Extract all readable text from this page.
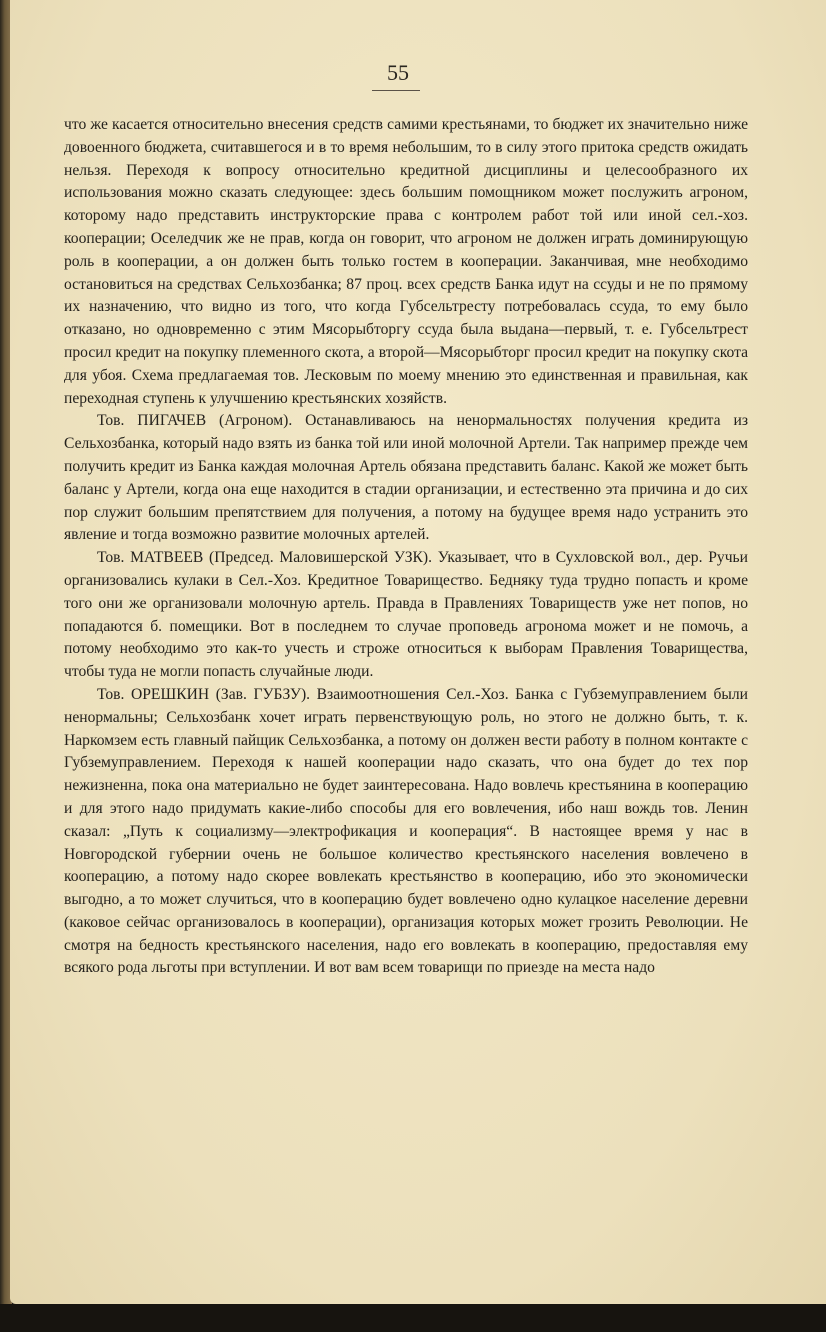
55

что же касается относительно внесения средств самими крестьянами, то бюджет их значительно ниже довоенного бюджета, считавшегося и в то время небольшим, то в силу этого притока средств ожидать нельзя. Переходя к вопросу относительно кредитной дисциплины и целесообразного их использования можно сказать следующее: здесь большим помощником может послужить агроном, которому надо представить инструкторские права с контролем работ той или иной сел.-хоз. кооперации; Оселедчик же не прав, когда он говорит, что агроном не должен играть доминирующую роль в кооперации, а он должен быть только гостем в кооперации. Заканчивая, мне необходимо остановиться на средствах Сельхозбанка; 87 проц. всех средств Банка идут на ссуды и не по прямому их назначению, что видно из того, что когда Губсельтресту потребовалась ссуда, то ему было отказано, но одновременно с этим Мясорыбторгу ссуда была выдана—первый, т. е. Губсельтрест просил кредит на покупку племенного скота, а второй—Мясорыбторг просил кредит на покупку скота для убоя. Схема предлагаемая тов. Лесковым по моему мнению это единственная и правильная, как переходная ступень к улучшению крестьянских хозяйств.

Тов. ПИГАЧЕВ (Агроном). Останавливаюсь на ненормальностях получения кредита из Сельхозбанка, который надо взять из банка той или иной молочной Артели. Так например прежде чем получить кредит из Банка каждая молочная Артель обязана представить баланс. Какой же может быть баланс у Артели, когда она еще находится в стадии организации, и естественно эта причина и до сих пор служит большим препятствием для получения, а потому на будущее время надо устранить это явление и тогда возможно развитие молочных артелей.

Тов. МАТВЕЕВ (Председ. Маловишерской УЗК). Указывает, что в Сухловской вол., дер. Ручьи организовались кулаки в Сел.-Хоз. Кредитное Товарищество. Бедняку туда трудно попасть и кроме того они же организовали молочную артель. Правда в Правлениях Товариществ уже нет попов, но попадаются б. помещики. Вот в последнем то случае проповедь агронома может и не помочь, а потому необходимо это как-то учесть и строже относиться к выборам Правления Товарищества, чтобы туда не могли попасть случайные люди.

Тов. ОРЕШКИН (Зав. ГУБЗУ). Взаимоотношения Сел.-Хоз. Банка с Губземуправлением были ненормальны; Сельхозбанк хочет играть первенствующую роль, но этого не должно быть, т. к. Наркомзем есть главный пайщик Сельхозбанка, а потому он должен вести работу в полном контакте с Губземуправлением. Переходя к нашей кооперации надо сказать, что она будет до тех пор нежизненна, пока она материально не будет заинтересована. Надо вовлечь крестьянина в кооперацию и для этого надо придумать какие-либо способы для его вовлечения, ибо наш вождь тов. Ленин сказал: „Путь к социализму—электрофикация и кооперация“. В настоящее время у нас в Новгородской губернии очень не большое количество крестьянского населения вовлечено в кооперацию, а потому надо скорее вовлекать крестьянство в кооперацию, ибо это экономически выгодно, а то может случиться, что в кооперацию будет вовлечено одно кулацкое население деревни (каковое сейчас организовалось в кооперации), организация которых может грозить Революции. Не смотря на бедность крестьянского населения, надо его вовлекать в кооперацию, предоставляя ему всякого рода льготы при вступлении. И вот вам всем товарищи по приезде на места надо
